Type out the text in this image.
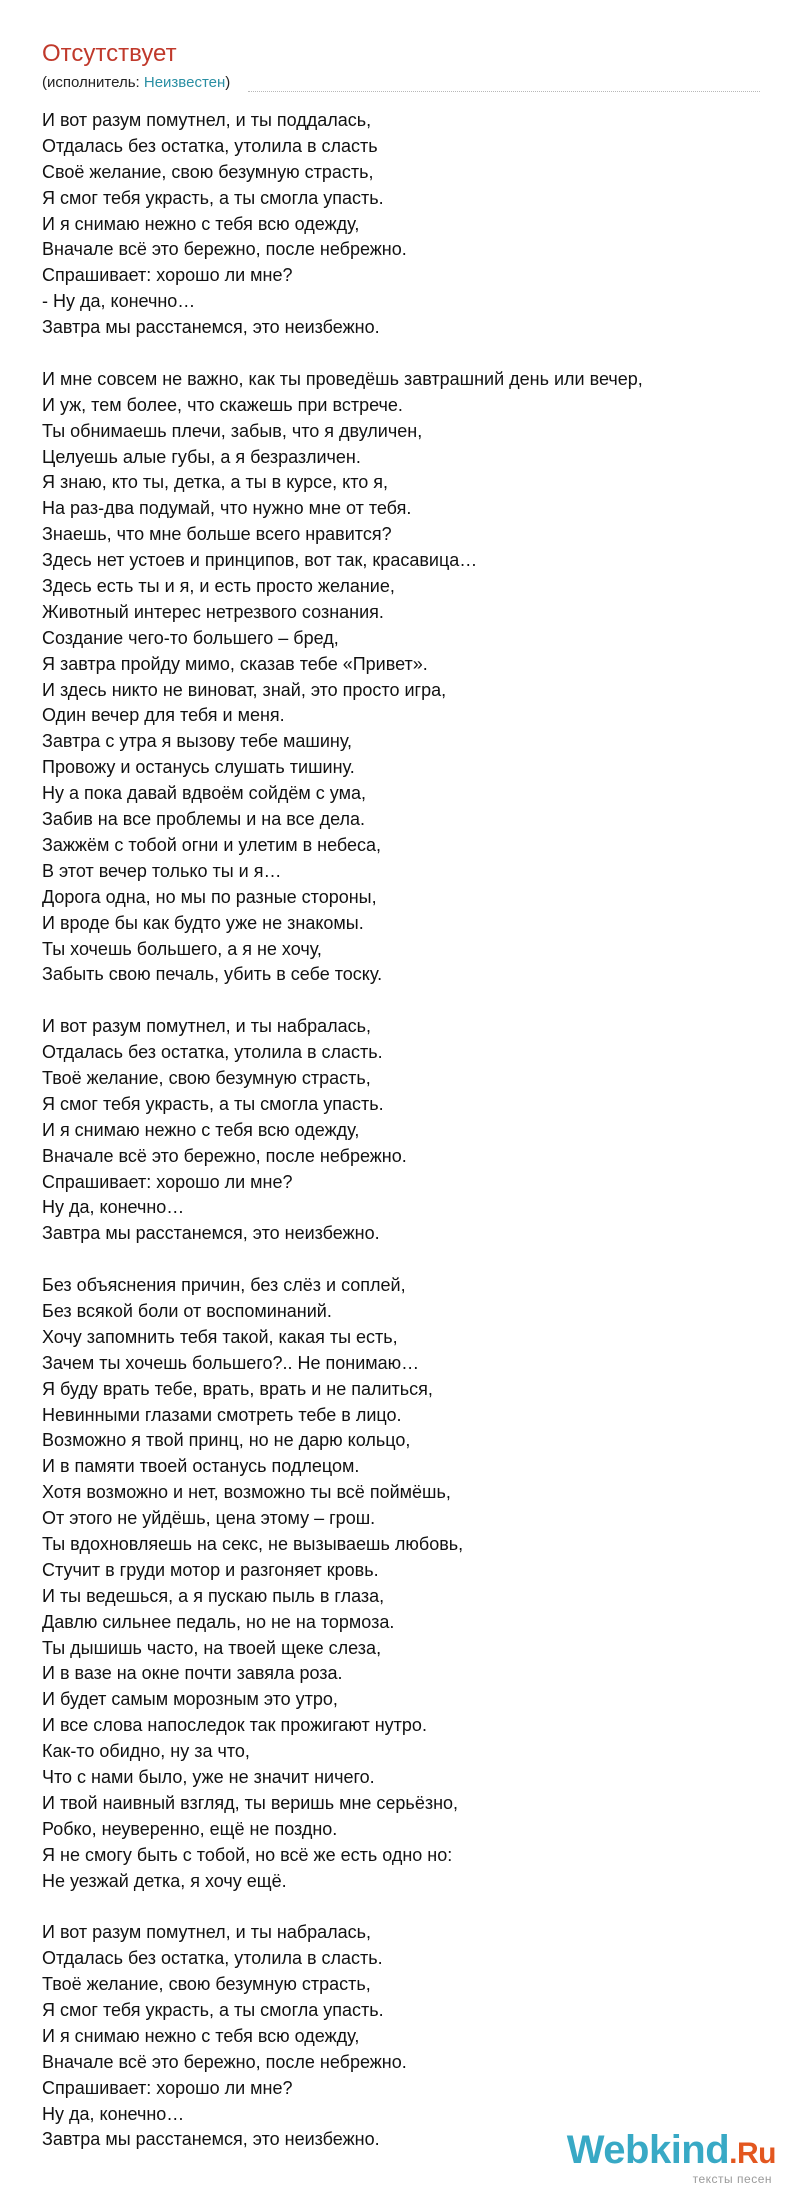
Отсутствует
(исполнитель: Неизвестен)
И вот разум помутнел, и ты поддалась,
Отдалась без остатка, утолила в сласть
Своё желание, свою безумную страсть,
Я смог тебя украсть, а ты смогла упасть.
И я снимаю нежно с тебя всю одежду,
Вначале всё это бережно, после небрежно.
Спрашивает: хорошо ли мне?
- Ну да, конечно…
Завтра мы расстанемся, это неизбежно.
И мне совсем не важно, как ты проведёшь завтрашний день или вечер,
И уж, тем более, что скажешь при встрече.
Ты обнимаешь плечи, забыв, что я двуличен,
Целуешь алые губы, а я безразличен.
Я знаю, кто ты, детка, а ты в курсе, кто я,
На раз-два подумай, что нужно мне от тебя.
Знаешь, что мне больше всего нравится?
Здесь нет устоев и принципов, вот так, красавица…
Здесь есть ты и я, и есть просто желание,
Животный интерес нетрезвого сознания.
Создание чего-то большего – бред,
Я завтра пройду мимо, сказав тебе «Привет».
И здесь никто не виноват, знай, это просто игра,
Один вечер для тебя и меня.
Завтра с утра я вызову тебе машину,
Провожу и останусь слушать тишину.
Ну а пока давай вдвоём сойдём с ума,
Забив на все проблемы и на все дела.
Зажжём с тобой огни и улетим в небеса,
В этот вечер только ты и я…
Дорога одна, но мы по разные стороны,
И вроде бы как будто уже не знакомы.
Ты хочешь большего, а я не хочу,
Забыть свою печаль, убить в себе тоску.
И вот разум помутнел, и ты набралась,
Отдалась без остатка, утолила в сласть.
Твоё желание, свою безумную страсть,
Я смог тебя украсть, а ты смогла упасть.
И я снимаю нежно с тебя всю одежду,
Вначале всё это бережно, после небрежно.
Спрашивает: хорошо ли мне?
Ну да, конечно…
Завтра мы расстанемся, это неизбежно.
Без объяснения причин, без слёз и соплей,
Без всякой боли от воспоминаний.
Хочу запомнить тебя такой, какая ты есть,
Зачем ты хочешь большего?.. Не понимаю…
Я буду врать тебе, врать, врать и не палиться,
Невинными глазами смотреть тебе в лицо.
Возможно я твой принц, но не дарю кольцо,
И в памяти твоей останусь подлецом.
Хотя возможно и нет, возможно ты всё поймёшь,
От этого не уйдёшь, цена этому – грош.
Ты вдохновляешь на секс, не вызываешь любовь,
Стучит в груди мотор и разгоняет кровь.
И ты ведешься, а я пускаю пыль в глаза,
Давлю сильнее педаль, но не на тормоза.
Ты дышишь часто, на твоей щеке слеза,
И в вазе на окне почти завяла роза.
И будет самым морозным это утро,
И все слова напоследок так прожигают нутро.
Как-то обидно, ну за что,
Что с нами было, уже не значит ничего.
И твой наивный взгляд, ты веришь мне серьёзно,
Робко, неуверенно, ещё не поздно.
Я не смогу быть с тобой, но всё же есть одно но:
Не уезжай детка, я хочу ещё.
И вот разум помутнел, и ты набралась,
Отдалась без остатка, утолила в сласть.
Твоё желание, свою безумную страсть,
Я смог тебя украсть, а ты смогла упасть.
И я снимаю нежно с тебя всю одежду,
Вначале всё это бережно, после небрежно.
Спрашивает: хорошо ли мне?
Ну да, конечно…
Завтра мы расстанемся, это неизбежно.	Webkind.Ru
тексты песен
